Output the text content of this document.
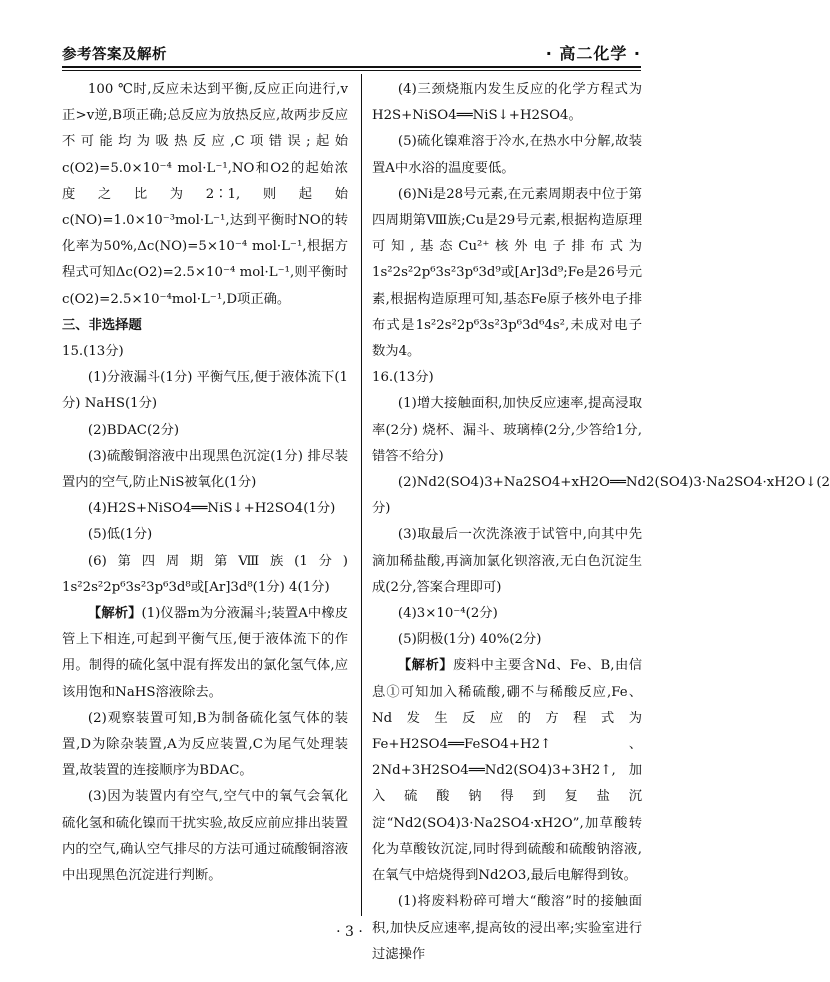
参考答案及解析	· 高二化学 ·

100 ℃时,反应未达到平衡,反应正向进行,v正>v逆,B项正确;总反应为放热反应,故两步反应不可能均为吸热反应,C项错误;起始c(O2)=5.0×10⁻⁴ mol·L⁻¹,NO和O2的起始浓度之比为2∶1,则起始c(NO)=1.0×10⁻³mol·L⁻¹,达到平衡时NO的转化率为50%,Δc(NO)=5×10⁻⁴ mol·L⁻¹,根据方程式可知Δc(O2)=2.5×10⁻⁴ mol·L⁻¹,则平衡时c(O2)=2.5×10⁻⁴mol·L⁻¹,D项正确。

三、非选择题

15.(13分)

(1)分液漏斗(1分) 平衡气压,便于液体流下(1分) NaHS(1分)

(2)BDAC(2分)

(3)硫酸铜溶液中出现黑色沉淀(1分) 排尽装置内的空气,防止NiS被氧化(1分)

(4)H2S+NiSO4══NiS↓+H2SO4(1分)

(5)低(1分)

(6)第四周期第Ⅷ族(1分) 1s²2s²2p⁶3s²3p⁶3d⁸或[Ar]3d⁸(1分) 4(1分)

【解析】(1)仪器m为分液漏斗;装置A中橡皮管上下相连,可起到平衡气压,便于液体流下的作用。制得的硫化氢中混有挥发出的氯化氢气体,应该用饱和NaHS溶液除去。

(2)观察装置可知,B为制备硫化氢气体的装置,D为除杂装置,A为反应装置,C为尾气处理装置,故装置的连接顺序为BDAC。

(3)因为装置内有空气,空气中的氧气会氧化硫化氢和硫化镍而干扰实验,故反应前应排出装置内的空气,确认空气排尽的方法可通过硫酸铜溶液中出现黑色沉淀进行判断。

(4)三颈烧瓶内发生反应的化学方程式为H2S+NiSO4══NiS↓+H2SO4。

(5)硫化镍难溶于冷水,在热水中分解,故装置A中水浴的温度要低。

(6)Ni是28号元素,在元素周期表中位于第四周期第Ⅷ族;Cu是29号元素,根据构造原理可知,基态Cu²⁺核外电子排布式为1s²2s²2p⁶3s²3p⁶3d⁹或[Ar]3d⁹;Fe是26号元素,根据构造原理可知,基态Fe原子核外电子排布式是1s²2s²2p⁶3s²3p⁶3d⁶4s²,未成对电子数为4。

16.(13分)

(1)增大接触面积,加快反应速率,提高浸取率(2分) 烧杯、漏斗、玻璃棒(2分,少答给1分,错答不给分)

(2)Nd2(SO4)3+Na2SO4+xH2O══Nd2(SO4)3·Na2SO4·xH2O↓(2分)

(3)取最后一次洗涤液于试管中,向其中先滴加稀盐酸,再滴加氯化钡溶液,无白色沉淀生成(2分,答案合理即可)

(4)3×10⁻⁴(2分)

(5)阴极(1分) 40%(2分)

【解析】废料中主要含Nd、Fe、B,由信息①可知加入稀硫酸,硼不与稀酸反应,Fe、Nd发生反应的方程式为Fe+H2SO4══FeSO4+H2↑、2Nd+3H2SO4══Nd2(SO4)3+3H2↑,加入硫酸钠得到复盐沉淀“Nd2(SO4)3·Na2SO4·xH2O”,加草酸转化为草酸钕沉淀,同时得到硫酸和硫酸钠溶液,在氧气中焙烧得到Nd2O3,最后电解得到钕。

(1)将废料粉碎可增大“酸溶”时的接触面积,加快反应速率,提高钕的浸出率;实验室进行过滤操作

· 3 ·
